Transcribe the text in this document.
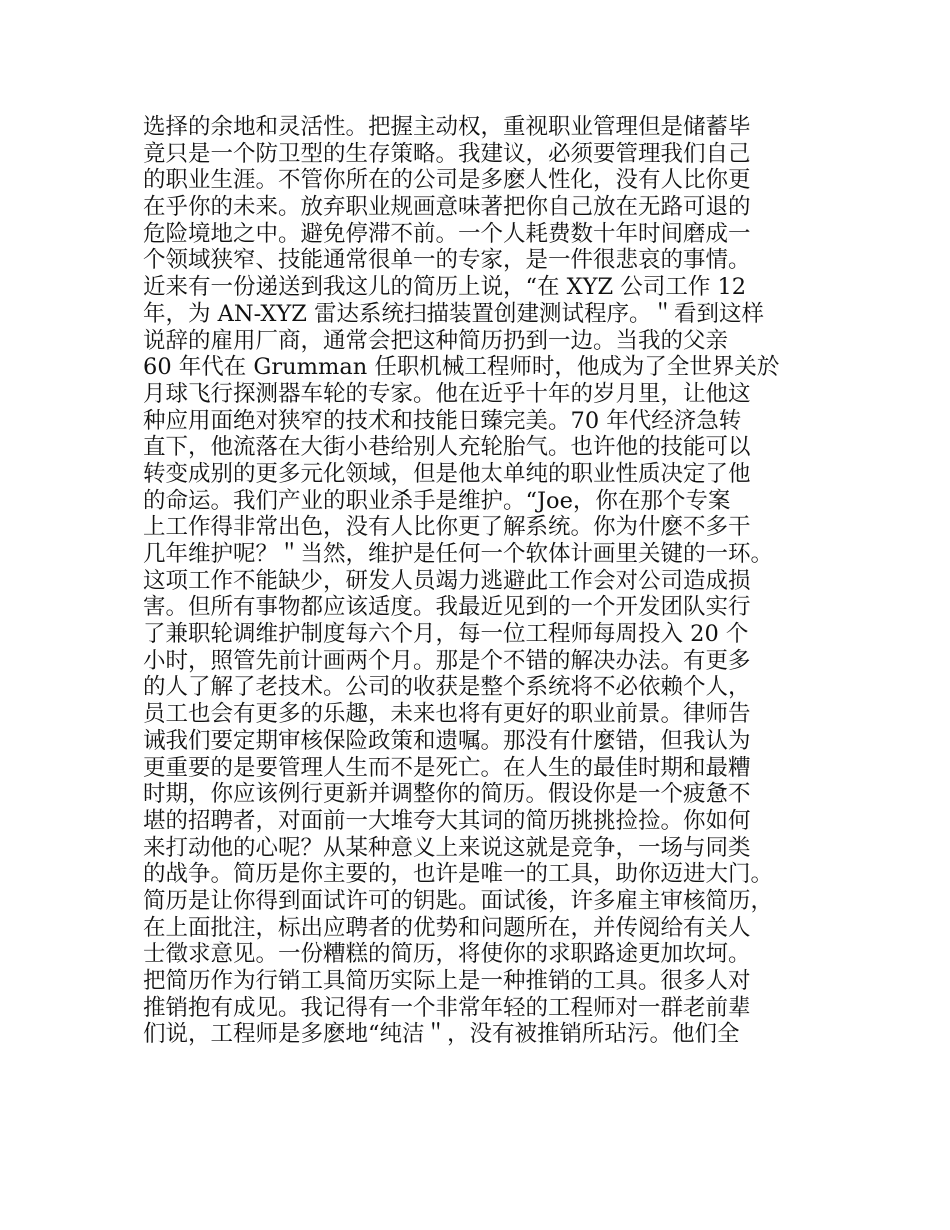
选择的余地和灵活性。把握主动权，重视职业管理但是储蓄毕
竟只是一个防卫型的生存策略。我建议，必须要管理我们自己
的职业生涯。不管你所在的公司是多麽人性化，没有人比你更
在乎你的未来。放弃职业规画意味著把你自己放在无路可退的
危险境地之中。避免停滞不前。一个人耗费数十年时间磨成一
个领域狭窄、技能通常很单一的专家，是一件很悲哀的事情。
近来有一份递送到我这儿的简历上说，“在 XYZ 公司工作 12
年，为 AN-XYZ 雷达系统扫描装置创建测试程序。＂看到这样
说辞的雇用厂商，通常会把这种简历扔到一边。当我的父亲
60 年代在 Grumman 任职机械工程师时，他成为了全世界关於
月球飞行探测器车轮的专家。他在近乎十年的岁月里，让他这
种应用面绝对狭窄的技术和技能日臻完美。70 年代经济急转
直下，他流落在大街小巷给别人充轮胎气。也许他的技能可以
转变成别的更多元化领域，但是他太单纯的职业性质决定了他
的命运。我们产业的职业杀手是维护。“Joe，你在那个专案
上工作得非常出色，没有人比你更了解系统。你为什麽不多干
几年维护呢？＂当然，维护是任何一个软体计画里关键的一环。
这项工作不能缺少，研发人员竭力逃避此工作会对公司造成损
害。但所有事物都应该适度。我最近见到的一个开发团队实行
了兼职轮调维护制度每六个月，每一位工程师每周投入 20 个
小时，照管先前计画两个月。那是个不错的解决办法。有更多
的人了解了老技术。公司的收获是整个系统将不必依赖个人，
员工也会有更多的乐趣，未来也将有更好的职业前景。律师告
诫我们要定期审核保险政策和遗嘱。那没有什麼错，但我认为
更重要的是要管理人生而不是死亡。在人生的最佳时期和最糟
时期，你应该例行更新并调整你的简历。假设你是一个疲惫不
堪的招聘者，对面前一大堆夸大其词的简历挑挑捡捡。你如何
来打动他的心呢？从某种意义上来说这就是竞争，一场与同类
的战争。简历是你主要的，也许是唯一的工具，助你迈进大门。
简历是让你得到面试许可的钥匙。面试後，许多雇主审核简历，
在上面批注，标出应聘者的优势和问题所在，并传阅给有关人
士徵求意见。一份糟糕的简历，将使你的求职路途更加坎坷。
把简历作为行销工具简历实际上是一种推销的工具。很多人对
推销抱有成见。我记得有一个非常年轻的工程师对一群老前辈
们说，工程师是多麽地“纯洁＂，没有被推销所玷污。他们全
